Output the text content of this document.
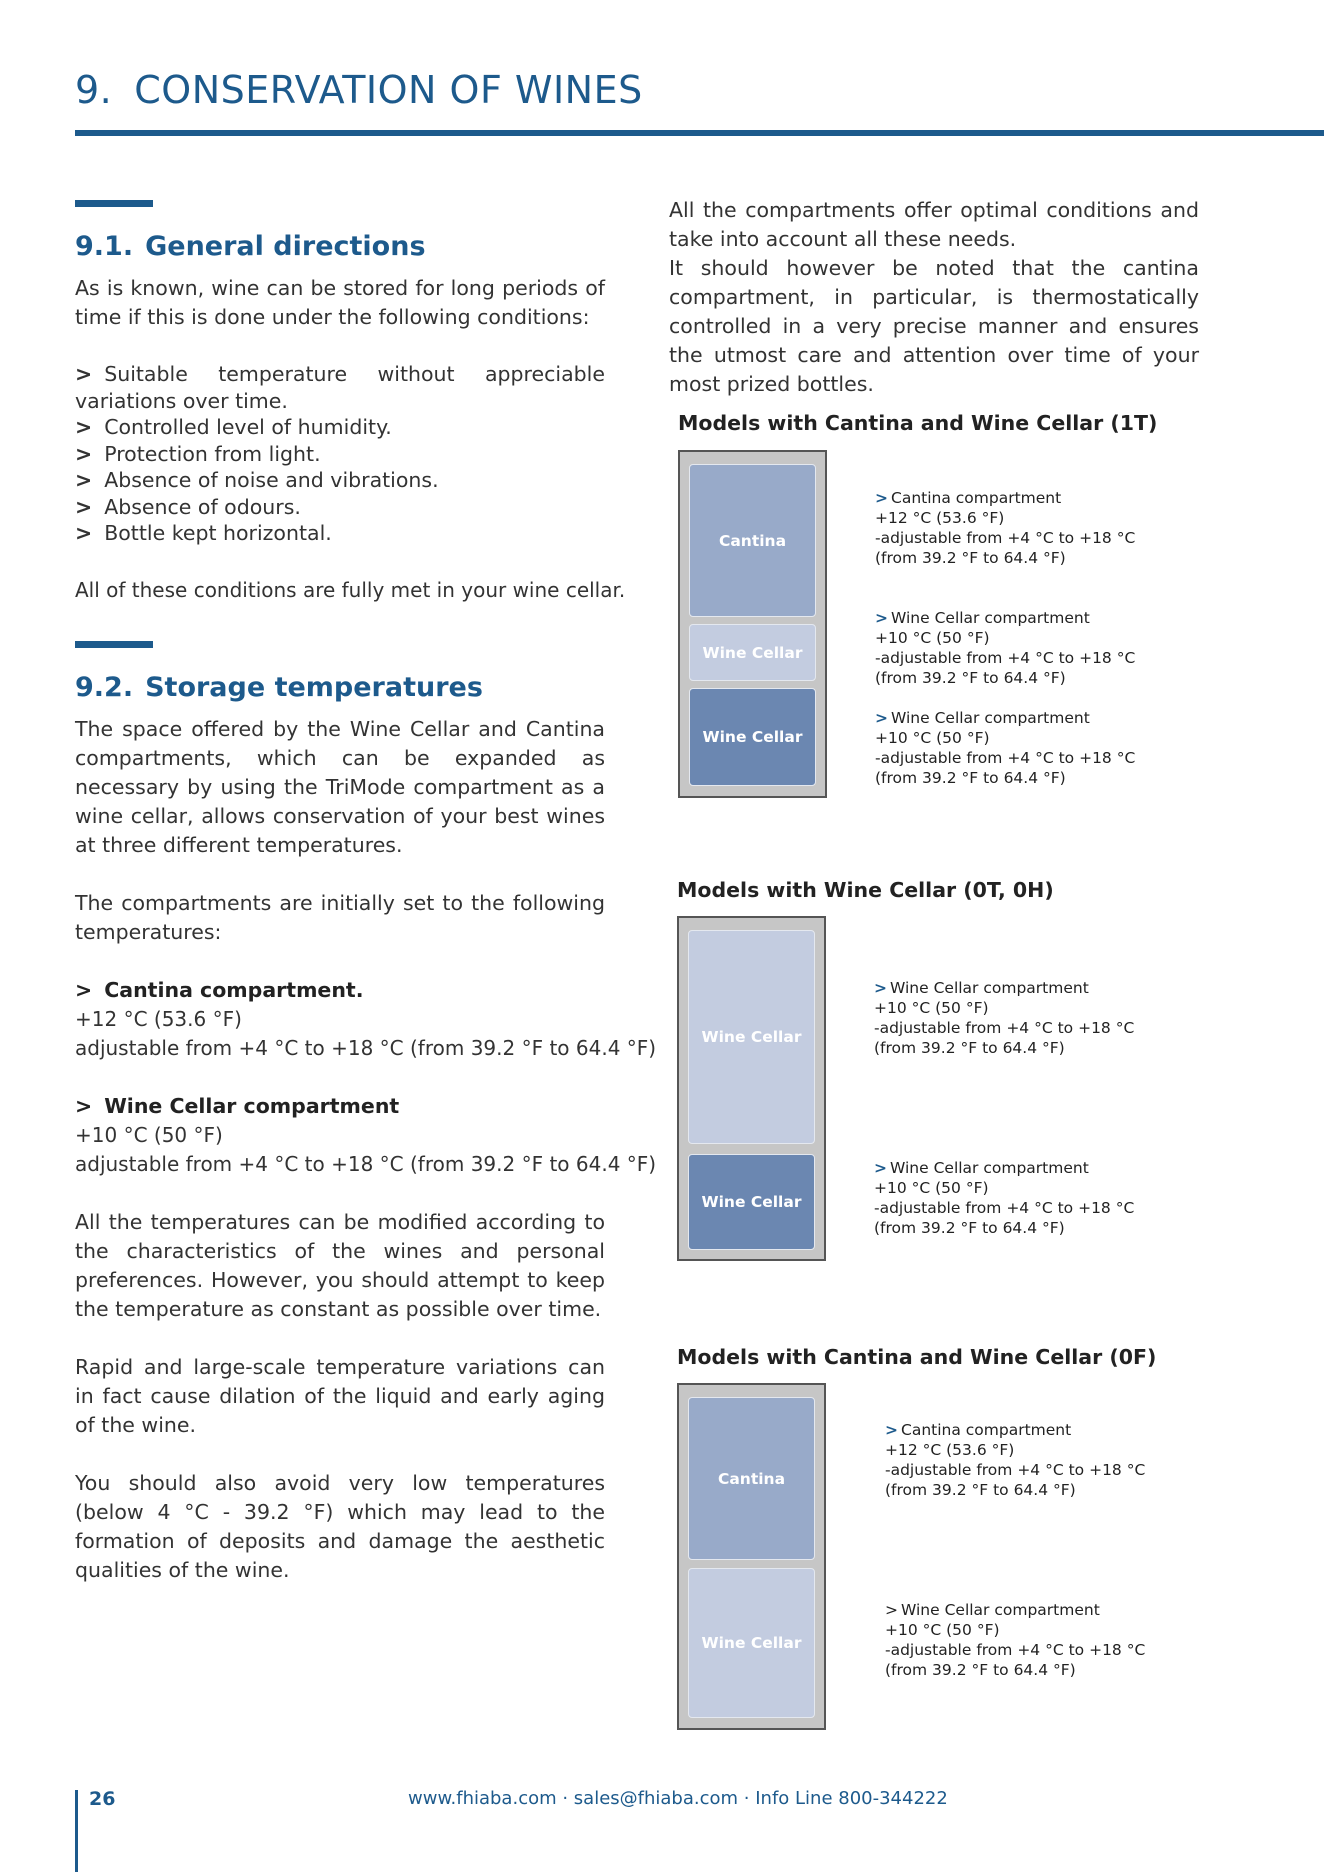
9. CONSERVATION OF WINES
9.1. General directions

As is known, wine can be stored for long periods of time if this is done under the following conditions:

> Suitable temperature without appreciable variations over time.
> Controlled level of humidity.
> Protection from light.
> Absence of noise and vibrations.
> Absence of odours.
> Bottle kept horizontal.

All of these conditions are fully met in your wine cellar.

9.2. Storage temperatures

The space offered by the Wine Cellar and Cantina compartments, which can be expanded as necessary by using the TriMode compartment as a wine cellar, allows conservation of your best wines at three different temperatures.

The compartments are initially set to the following temperatures:

> Cantina compartment.
+12 °C (53.6 °F)
adjustable from +4 °C to +18 °C (from 39.2 °F to 64.4 °F)
> Wine Cellar compartment
+10 °C (50 °F)
adjustable from +4 °C to +18 °C (from 39.2 °F to 64.4 °F)

All the temperatures can be modified according to the characteristics of the wines and personal preferences. However, you should attempt to keep the temperature as constant as possible over time.

Rapid and large-scale temperature variations can in fact cause dilation of the liquid and early aging of the wine.

You should also avoid very low temperatures (below 4 °C - 39.2 °F) which may lead to the formation of deposits and damage the aesthetic qualities of the wine.

All the compartments offer optimal conditions and take into account all these needs.

It should however be noted that the cantina compartment, in particular, is thermostatically controlled in a very precise manner and ensures the utmost care and attention over time of your most prized bottles.

Models with Cantina and Wine Cellar (1T)
Cantina
Wine Cellar
Wine Cellar
> Cantina compartment
+12 °C (53.6 °F)
-adjustable from +4 °C to +18 °C
(from 39.2 °F to 64.4 °F)
> Wine Cellar compartment
+10 °C (50 °F)
-adjustable from +4 °C to +18 °C
(from 39.2 °F to 64.4 °F)
> Wine Cellar compartment
+10 °C (50 °F)
-adjustable from +4 °C to +18 °C
(from 39.2 °F to 64.4 °F)
Models with Wine Cellar (0T, 0H)
Wine Cellar
Wine Cellar
> Wine Cellar compartment
+10 °C (50 °F)
-adjustable from +4 °C to +18 °C
(from 39.2 °F to 64.4 °F)
> Wine Cellar compartment
+10 °C (50 °F)
-adjustable from +4 °C to +18 °C
(from 39.2 °F to 64.4 °F)
Models with Cantina and Wine Cellar (0F)
Cantina
Wine Cellar
> Cantina compartment
+12 °C (53.6 °F)
-adjustable from +4 °C to +18 °C
(from 39.2 °F to 64.4 °F)
> Wine Cellar compartment
+10 °C (50 °F)
-adjustable from +4 °C to +18 °C
(from 39.2 °F to 64.4 °F)
26	www.fhiaba.com · sales@fhiaba.com · Info Line 800-344222
